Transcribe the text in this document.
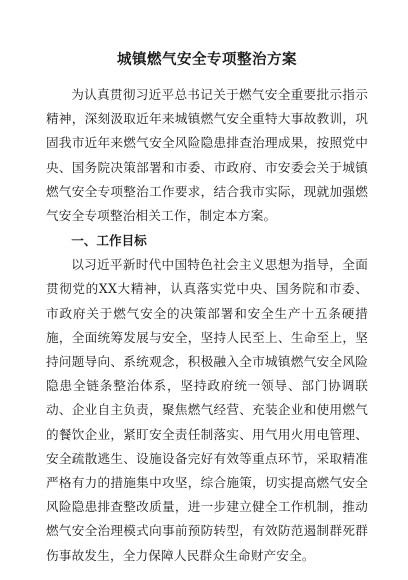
城镇燃气安全专项整治方案

为认真贯彻习近平总书记关于燃气安全重要批示指示精神，深刻汲取近年来城镇燃气安全重特大事故教训，巩固我市近年来燃气安全风险隐患排查治理成果，按照党中央、国务院决策部署和市委、市政府、市安委会关于城镇燃气安全专项整治工作要求，结合我市实际，现就加强燃气安全专项整治相关工作，制定本方案。

一、工作目标

以习近平新时代中国特色社会主义思想为指导，全面贯彻党的XX大精神，认真落实党中央、国务院和市委、市政府关于燃气安全的决策部署和安全生产十五条硬措施，全面统筹发展与安全，坚持人民至上、生命至上，坚持问题导向、系统观念，积极融入全市城镇燃气安全风险隐患全链条整治体系，坚持政府统一领导、部门协调联动、企业自主负责，聚焦燃气经营、充装企业和使用燃气的餐饮企业，紧盯安全责任制落实、用气用火用电管理、安全疏散逃生、设施设备完好有效等重点环节，采取精准严格有力的措施集中攻坚，综合施策，切实提高燃气安全风险隐患排查整改质量，进一步建立健全工作机制，推动燃气安全治理模式向事前预防转型，有效防范遏制群死群伤事故发生，全力保障人民群众生命财产安全。
